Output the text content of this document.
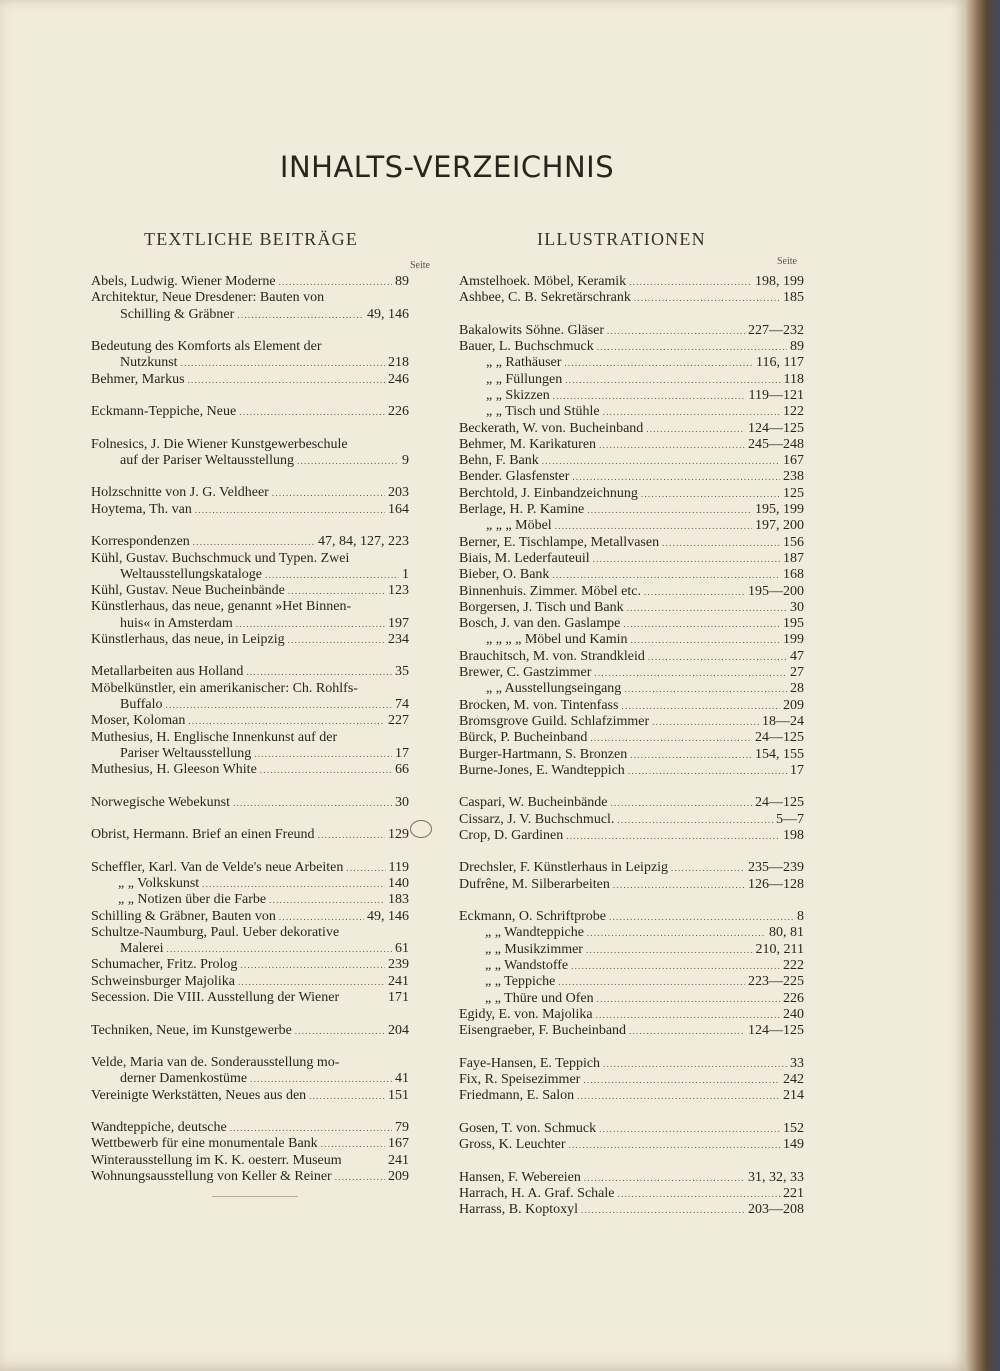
INHALTS-VERZEICHNIS
TEXTLICHE BEITRÄGE	ILLUSTRATIONEN
Seite	Seite
Abels, Ludwig. Wiener Moderne . . .	89
Architektur, Neue Dresdener: Bauten von
Schilling & Gräbner . . .	49, 146
Bedeutung des Komforts als Element der
Nutzkunst . . .	218
Behmer, Markus . . .	246
Eckmann-Teppiche, Neue . . .	226
Folnesics, J. Die Wiener Kunstgewerbeschule
auf der Pariser Weltausstellung . . .	9
Holzschnitte von J. G. Veldheer . . .	203
Hoytema, Th. van . . .	164
Korrespondenzen . . .	47, 84, 127, 223
Kühl, Gustav. Buchschmuck und Typen. Zwei
Weltausstellungskataloge . . .	1
Kühl, Gustav. Neue Bucheinbände . . .	123
Künstlerhaus, das neue, genannt »Het Binnen-
huis« in Amsterdam . . .	197
Künstlerhaus, das neue, in Leipzig . . .	234
Metallarbeiten aus Holland . . .	35
Möbelkünstler, ein amerikanischer: Ch. Rohlfs-
Buffalo . . .	74
Moser, Koloman . . .	227
Muthesius, H. Englische Innenkunst auf der
Pariser Weltausstellung . . .	17
Muthesius, H. Gleeson White . . .	66
Norwegische Webekunst . . .	30
Obrist, Hermann. Brief an einen Freund . . .	129
Scheffler, Karl. Van de Velde's neue Arbeiten . . .	119
„ „ Volkskunst . . .	140
„ „ Notizen über die Farbe . . .	183
Schilling & Gräbner, Bauten von . . .	49, 146
Schultze-Naumburg, Paul. Ueber dekorative
Malerei . . .	61
Schumacher, Fritz. Prolog . . .	239
Schweinsburger Majolika . . .	241
Secession. Die VIII. Ausstellung der Wiener	171
Techniken, Neue, im Kunstgewerbe . . .	204
Velde, Maria van de. Sonderausstellung mo-
derner Damenkostüme . . .	41
Vereinigte Werkstätten, Neues aus den . . .	151
Wandteppiche, deutsche . . .	79
Wettbewerb für eine monumentale Bank . . .	167
Winterausstellung im K. K. oesterr. Museum	241
Wohnungsausstellung von Keller & Reiner . . .	209
Amstelhoek. Möbel, Keramik . . .	198, 199
Ashbee, C. B. Sekretärschrank . . .	185
Bakalowits Söhne. Gläser . . .	227—232
Bauer, L. Buchschmuck . . .	89
„ „ Rathäuser . . .	116, 117
„ „ Füllungen . . .	118
„ „ Skizzen . . .	119—121
„ „ Tisch und Stühle . . .	122
Beckerath, W. von. Bucheinband . . .	124—125
Behmer, M. Karikaturen . . .	245—248
Behn, F. Bank . . .	167
Bender. Glasfenster . . .	238
Berchtold, J. Einbandzeichnung . . .	125
Berlage, H. P. Kamine . . .	195, 199
„ „ „ Möbel . . .	197, 200
Berner, E. Tischlampe, Metallvasen . . .	156
Biais, M. Lederfauteuil . . .	187
Bieber, O. Bank . . .	168
Binnenhuis. Zimmer. Möbel etc. . . .	195—200
Borgersen, J. Tisch und Bank . . .	30
Bosch, J. van den. Gaslampe . . .	195
„ „ „ „ Möbel und Kamin . . .	199
Brauchitsch, M. von. Strandkleid . . .	47
Brewer, C. Gastzimmer . . .	27
„ „ Ausstellungseingang . . .	28
Brocken, M. von. Tintenfass . . .	209
Bromsgrove Guild. Schlafzimmer . . .	18—24
Bürck, P. Bucheinband . . .	24—125
Burger-Hartmann, S. Bronzen . . .	154, 155
Burne-Jones, E. Wandteppich . . .	17
Caspari, W. Bucheinbände . . .	24—125
Cissarz, J. V. Buchschmucl. . . .	5—7
Crop, D. Gardinen . . .	198
Drechsler, F. Künstlerhaus in Leipzig . . .	235—239
Dufrêne, M. Silberarbeiten . . .	126—128
Eckmann, O. Schriftprobe . . .	8
„ „ Wandteppiche . . .	80, 81
„ „ Musikzimmer . . .	210, 211
„ „ Wandstoffe . . .	222
„ „ Teppiche . . .	223—225
„ „ Thüre und Ofen . . .	226
Egidy, E. von. Majolika . . .	240
Eisengraeber, F. Bucheinband . . .	124—125
Faye-Hansen, E. Teppich . . .	33
Fix, R. Speisezimmer . . .	242
Friedmann, E. Salon . . .	214
Gosen, T. von. Schmuck . . .	152
Gross, K. Leuchter . . .	149
Hansen, F. Webereien . . .	31, 32, 33
Harrach, H. A. Graf. Schale . . .	221
Harrass, B. Koptoxyl . . .	203—208
